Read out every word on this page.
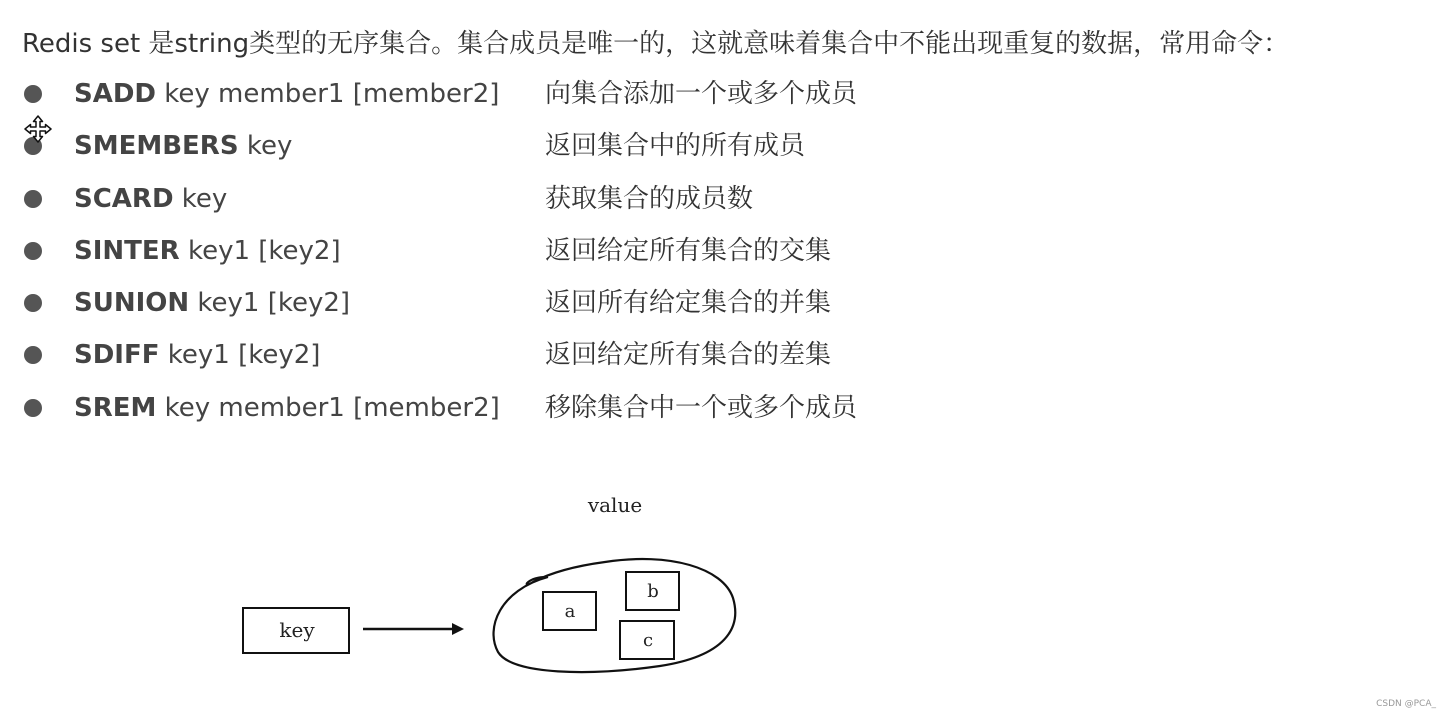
Redis set 是string类型的无序集合。集合成员是唯一的，这就意味着集合中不能出现重复的数据，常用命令：
SADD key member1 [member2] 向集合添加一个或多个成员
SMEMBERS key	返回集合中的所有成员
SCARD key	获取集合的成员数
SINTER key1 [key2]	返回给定所有集合的交集
SUNION key1 [key2]	返回所有给定集合的并集
SDIFF key1 [key2]	返回给定所有集合的差集
SREM key member1 [member2] 移除集合中一个或多个成员
value
key
a
b
c
CSDN @PCA_
